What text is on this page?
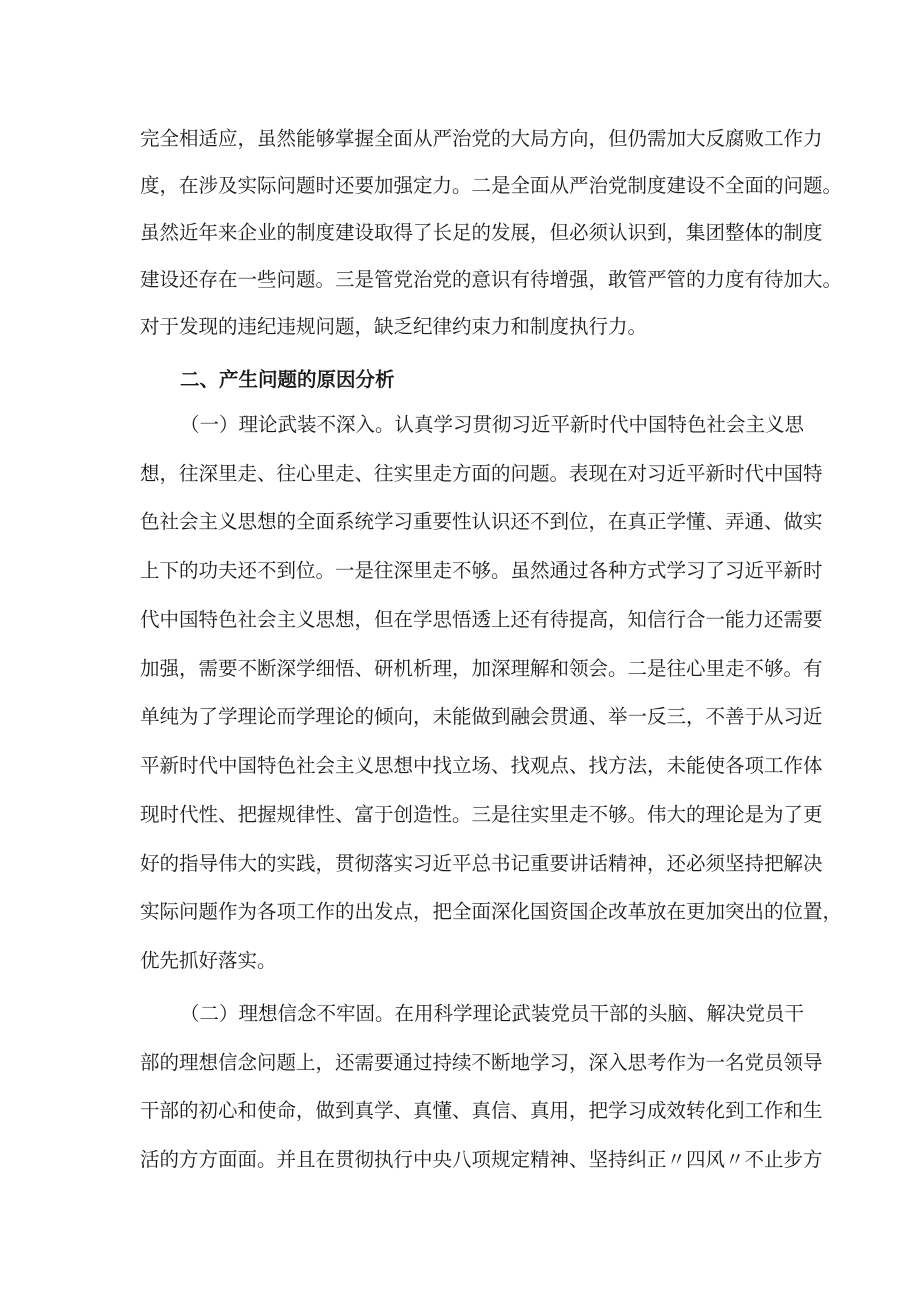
完全相适应，虽然能够掌握全面从严治党的大局方向，但仍需加大反腐败工作力
度，在涉及实际问题时还要加强定力。二是全面从严治党制度建设不全面的问题。
虽然近年来企业的制度建设取得了长足的发展，但必须认识到，集团整体的制度
建设还存在一些问题。三是管党治党的意识有待增强，敢管严管的力度有待加大。
对于发现的违纪违规问题，缺乏纪律约束力和制度执行力。
二、产生问题的原因分析
（一）理论武装不深入。认真学习贯彻习近平新时代中国特色社会主义思
想，往深里走、往心里走、往实里走方面的问题。表现在对习近平新时代中国特
色社会主义思想的全面系统学习重要性认识还不到位，在真正学懂、弄通、做实
上下的功夫还不到位。一是往深里走不够。虽然通过各种方式学习了习近平新时
代中国特色社会主义思想，但在学思悟透上还有待提高，知信行合一能力还需要
加强，需要不断深学细悟、研机析理，加深理解和领会。二是往心里走不够。有
单纯为了学理论而学理论的倾向，未能做到融会贯通、举一反三，不善于从习近
平新时代中国特色社会主义思想中找立场、找观点、找方法，未能使各项工作体
现时代性、把握规律性、富于创造性。三是往实里走不够。伟大的理论是为了更
好的指导伟大的实践，贯彻落实习近平总书记重要讲话精神，还必须坚持把解决
实际问题作为各项工作的出发点，把全面深化国资国企改革放在更加突出的位置，
优先抓好落实。
（二）理想信念不牢固。在用科学理论武装党员干部的头脑、解决党员干
部的理想信念问题上，还需要通过持续不断地学习，深入思考作为一名党员领导
干部的初心和使命，做到真学、真懂、真信、真用，把学习成效转化到工作和生
活的方方面面。并且在贯彻执行中央八项规定精神、坚持纠正〃四风〃不止步方
